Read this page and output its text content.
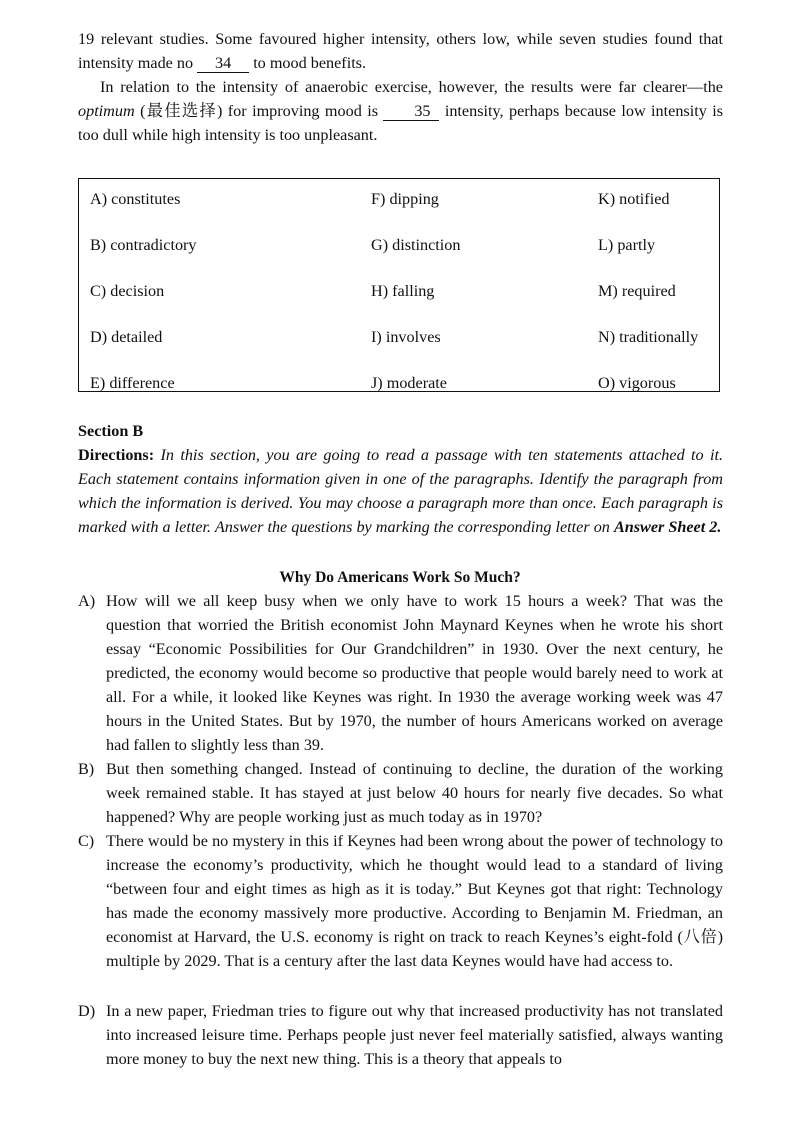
19 relevant studies. Some favoured higher intensity, others low, while seven studies found that intensity made no 34 to mood benefits.

In relation to the intensity of anaerobic exercise, however, the results were far clearer—the optimum (最佳选择) for improving mood is 35 intensity, perhaps because low intensity is too dull while high intensity is too unpleasant.

A) constitutes	F) dipping	K) notified
B) contradictory	G) distinction	L) partly
C) decision	H) falling	M) required
D) detailed	I) involves	N) traditionally
E) difference	J) moderate	O) vigorous
Section B

Directions: In this section, you are going to read a passage with ten statements attached to it. Each statement contains information given in one of the paragraphs. Identify the paragraph from which the information is derived. You may choose a paragraph more than once. Each paragraph is marked with a letter. Answer the questions by marking the corresponding letter on Answer Sheet 2.

Why Do Americans Work So Much?
A) How will we all keep busy when we only have to work 15 hours a week? That was the question that worried the British economist John Maynard Keynes when he wrote his short essay “Economic Possibilities for Our Grandchildren” in 1930. Over the next century, he predicted, the economy would become so productive that people would barely need to work at all. For a while, it looked like Keynes was right. In 1930 the average working week was 47 hours in the United States. But by 1970, the number of hours Americans worked on average had fallen to slightly less than 39.
B) But then something changed. Instead of continuing to decline, the duration of the working week remained stable. It has stayed at just below 40 hours for nearly five decades. So what happened? Why are people working just as much today as in 1970?
C) There would be no mystery in this if Keynes had been wrong about the power of technology to increase the economy’s productivity, which he thought would lead to a standard of living “between four and eight times as high as it is today.” But Keynes got that right: Technology has made the economy massively more productive. According to Benjamin M. Friedman, an economist at Harvard, the U.S. economy is right on track to reach Keynes’s eight-fold (八倍) multiple by 2029. That is a century after the last data Keynes would have had access to.
D) In a new paper, Friedman tries to figure out why that increased productivity has not translated into increased leisure time. Perhaps people just never feel materially satisfied, always wanting more money to buy the next new thing. This is a theory that appeals to
